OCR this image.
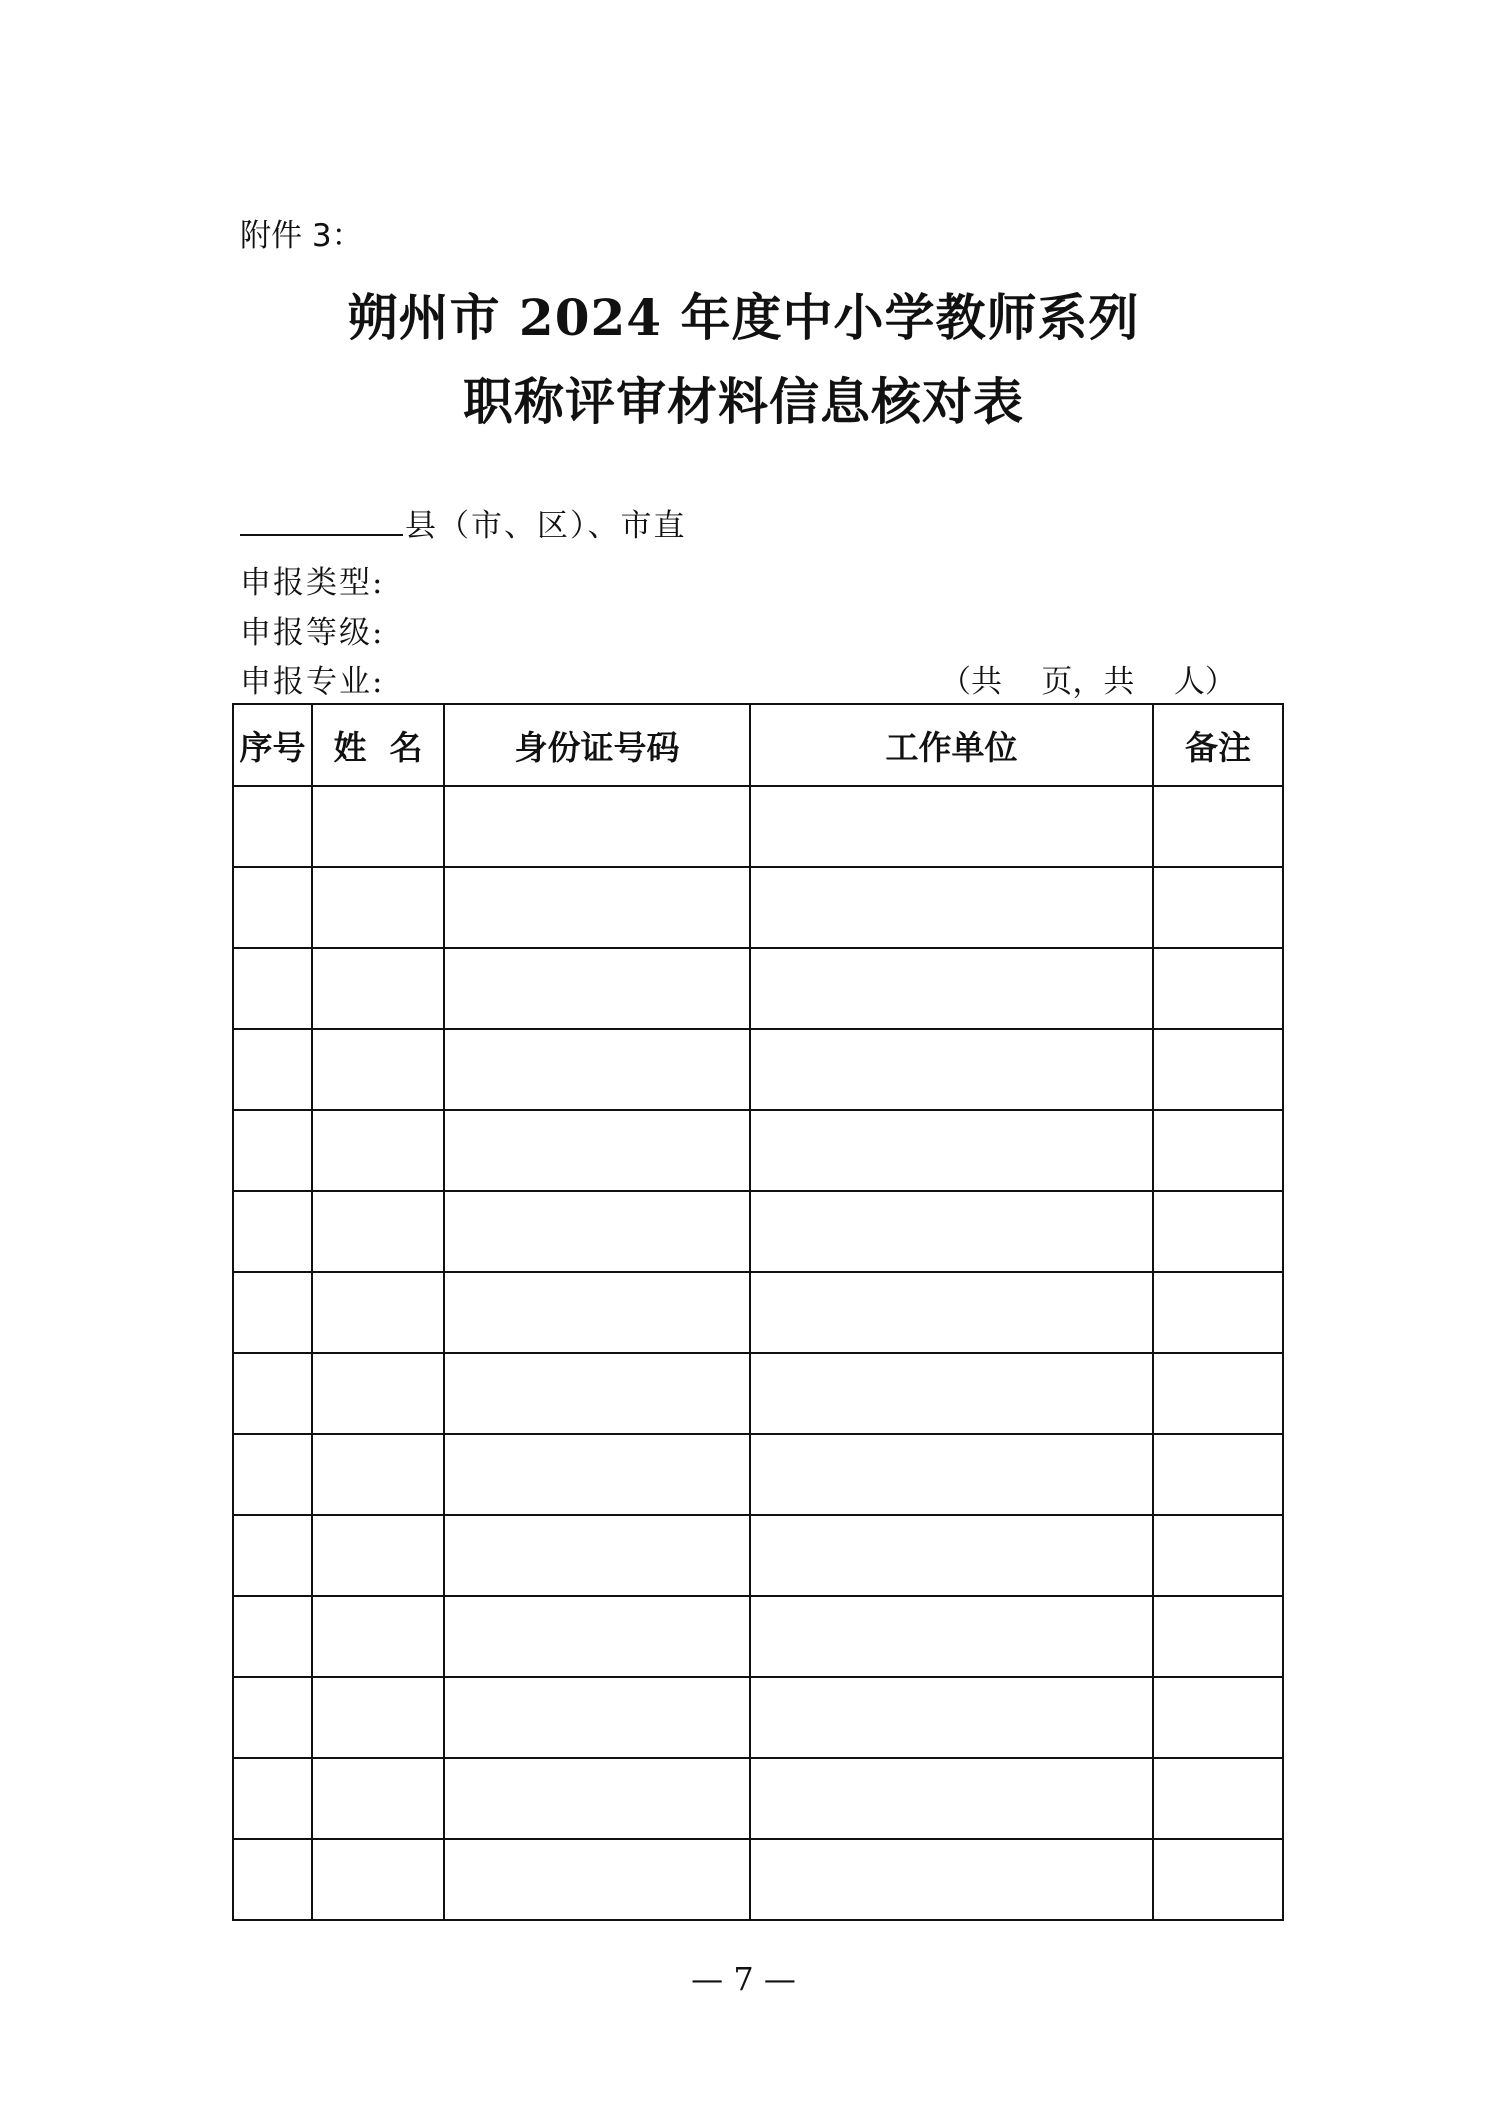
附件 3：
朔州市 2024 年度中小学教师系列
职称评审材料信息核对表
县（市、区）、市直
申报类型:
申报等级:
申报专业:	（共    页，共    人）
序号	姓  名	身份证号码	工作单位	备注

— 7 —
